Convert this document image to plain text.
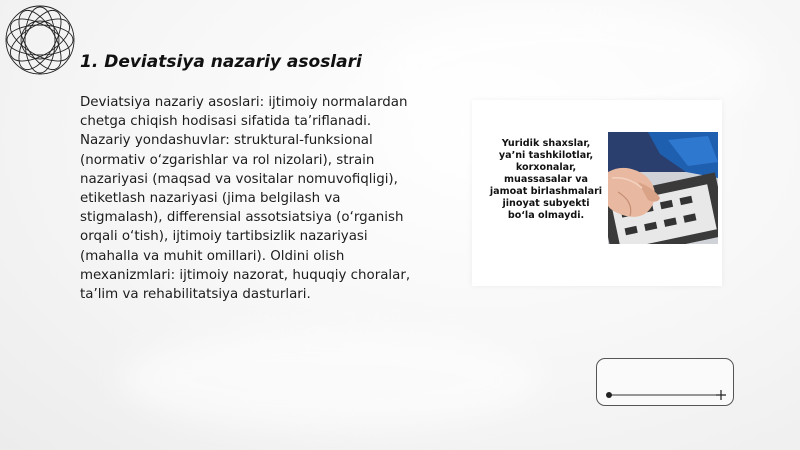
1. Deviatsiya nazariy asoslari
Deviatsiya nazariy asoslari: ijtimoiy normalardan chetga chiqish hodisasi sifatida ta’riflanadi. Nazariy yondashuvlar: struktural-funksional (normativ o‘zgarishlar va rol nizolari), strain nazariyasi (maqsad va vositalar nomuvofiqligi), etiketlash nazariyasi (jima belgilash va stigmalash), differensial assotsiatsiya (o‘rganish orqali o‘tish), ijtimoiy tartibsizlik nazariyasi (mahalla va muhit omillari). Oldini olish mexanizmlari: ijtimoiy nazorat, huquqiy choralar, ta’lim va rehabilitatsiya dasturlari.
Yuridik shaxslar, ya’ni tashkilotlar, korxonalar, muassasalar va jamoat birlashmalari jinoyat subyekti bo‘la olmaydi.
